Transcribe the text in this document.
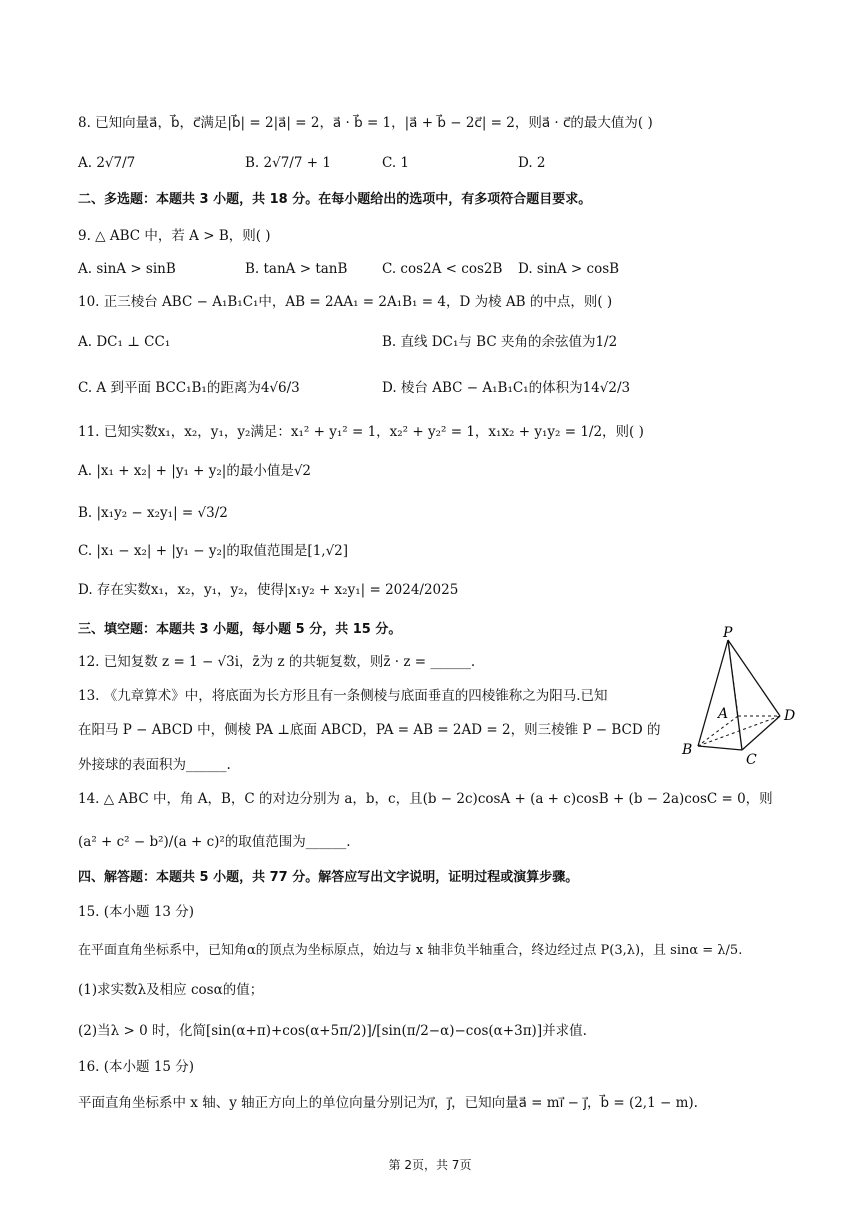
8. 已知向量a⃗，b⃗，c⃗满足|b⃗| = 2|a⃗| = 2，a⃗ · b⃗ = 1，|a⃗ + b⃗ − 2c⃗| = 2，则a⃗ · c⃗的最大值为( )
A. 2√7/7	B. 2√7/7 + 1	C. 1	D. 2
二、多选题：本题共 3 小题，共 18 分。在每小题给出的选项中，有多项符合题目要求。
9. △ ABC 中，若 A > B，则( )
A. sinA > sinB	B. tanA > tanB	C. cos2A < cos2B D. sinA > cosB
10. 正三棱台 ABC − A₁B₁C₁中，AB = 2AA₁ = 2A₁B₁ = 4，D 为棱 AB 的中点，则( )
A. DC₁ ⊥ CC₁	B. 直线 DC₁与 BC 夹角的余弦值为1/2
C. A 到平面 BCC₁B₁的距离为4√6/3	D. 棱台 ABC − A₁B₁C₁的体积为14√2/3
11. 已知实数x₁，x₂，y₁，y₂满足：x₁² + y₁² = 1，x₂² + y₂² = 1，x₁x₂ + y₁y₂ = 1/2，则( )
A. |x₁ + x₂| + |y₁ + y₂|的最小值是√2
B. |x₁y₂ − x₂y₁| = √3/2
C. |x₁ − x₂| + |y₁ − y₂|的取值范围是[1,√2]
D. 存在实数x₁，x₂，y₁，y₂，使得|x₁y₂ + x₂y₁| = 2024/2025
三、填空题：本题共 3 小题，每小题 5 分，共 15 分。
12. 已知复数 z = 1 − √3i，z̄为 z 的共轭复数，则z̄ · z = ______.
13. 《九章算术》中，将底面为长方形且有一条侧棱与底面垂直的四棱锥称之为阳马.已知
在阳马 P − ABCD 中，侧棱 PA ⊥底面 ABCD，PA = AB = 2AD = 2，则三棱锥 P − BCD 的
外接球的表面积为______.
P
A
B
C
D
14. △ ABC 中，角 A，B，C 的对边分别为 a，b，c，且(b − 2c)cosA + (a + c)cosB + (b − 2a)cosC = 0，则
(a² + c² − b²)/(a + c)²的取值范围为______.
四、解答题：本题共 5 小题，共 77 分。解答应写出文字说明，证明过程或演算步骤。
15. (本小题 13 分)
在平面直角坐标系中，已知角α的顶点为坐标原点，始边与 x 轴非负半轴重合，终边经过点 P(3,λ)，且 sinα = λ/5.
(1)求实数λ及相应 cosα的值；
(2)当λ > 0 时，化简[sin(α+π)+cos(α+5π/2)]/[sin(π/2−α)−cos(α+3π)]并求值.
16. (本小题 15 分)
平面直角坐标系中 x 轴、y 轴正方向上的单位向量分别记为i⃗，j⃗，已知向量a⃗ = mi⃗ − j⃗，b⃗ = (2,1 − m).
第 2页，共 7页
